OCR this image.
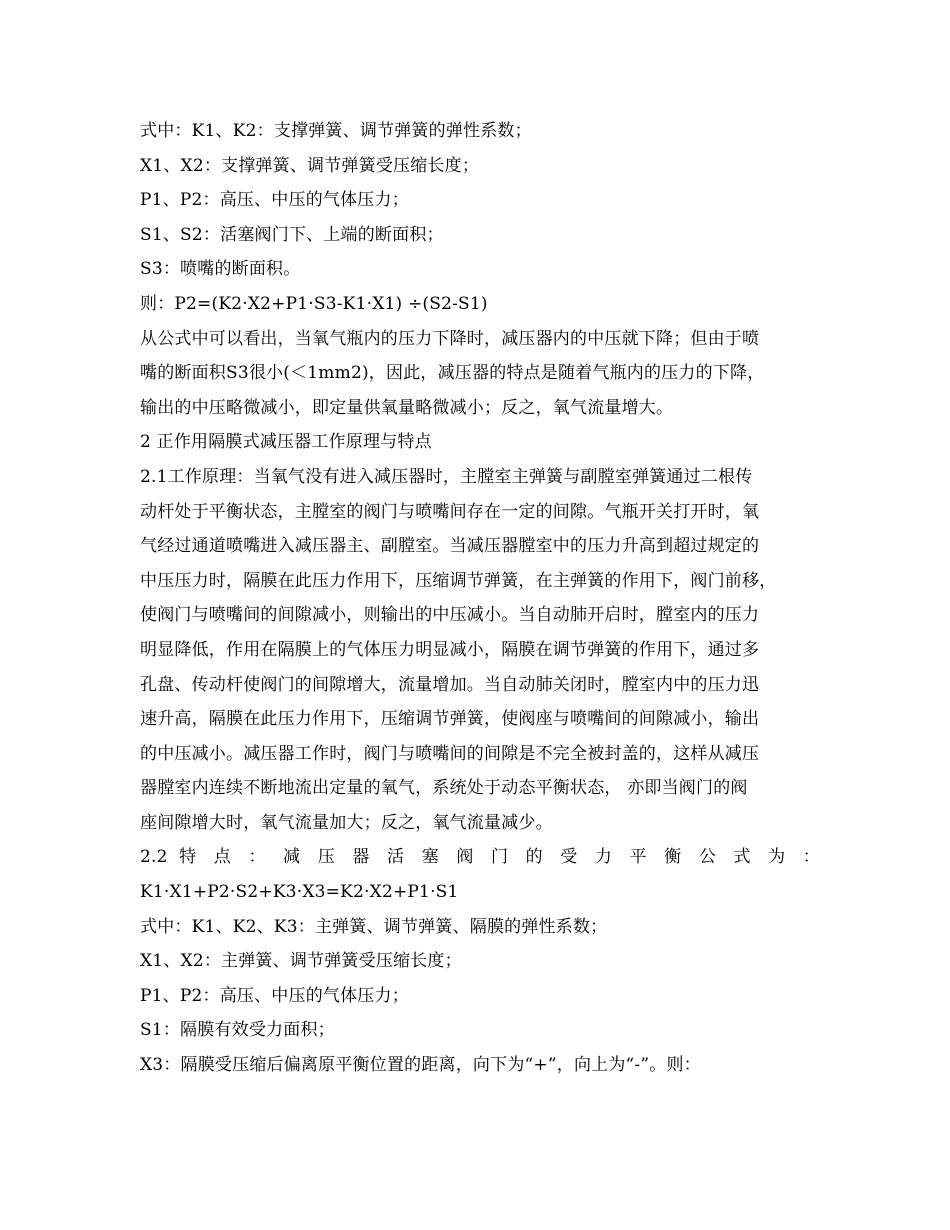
式中：K1、K2：支撑弹簧、调节弹簧的弹性系数；
X1、X2：支撑弹簧、调节弹簧受压缩长度；
P1、P2：高压、中压的气体压力；
S1、S2：活塞阀门下、上端的断面积；
S3：喷嘴的断面积。
则：P2=(K2·X2+P1·S3-K1·X1) ÷(S2-S1)
从公式中可以看出，当氧气瓶内的压力下降时，减压器内的中压就下降；但由于喷
嘴的断面积S3很小(＜1mm2)，因此，减压器的特点是随着气瓶内的压力的下降，
输出的中压略微减小，即定量供氧量略微减小；反之，氧气流量增大。
2 正作用隔膜式减压器工作原理与特点
2.1工作原理：当氧气没有进入减压器时，主膛室主弹簧与副膛室弹簧通过二根传
动杆处于平衡状态，主膛室的阀门与喷嘴间存在一定的间隙。气瓶开关打开时，氧
气经过通道喷嘴进入减压器主、副膛室。当减压器膛室中的压力升高到超过规定的
中压压力时，隔膜在此压力作用下，压缩调节弹簧，在主弹簧的作用下，阀门前移，
使阀门与喷嘴间的间隙减小，则输出的中压减小。当自动肺开启时，膛室内的压力
明显降低，作用在隔膜上的气体压力明显减小，隔膜在调节弹簧的作用下，通过多
孔盘、传动杆使阀门的间隙增大，流量增加。当自动肺关闭时，膛室内中的压力迅
速升高，隔膜在此压力作用下，压缩调节弹簧，使阀座与喷嘴间的间隙减小，输出
的中压减小。减压器工作时，阀门与喷嘴间的间隙是不完全被封盖的，这样从减压
器膛室内连续不断地流出定量的氧气，系统处于动态平衡状态， 亦即当阀门的阀
座间隙增大时，氧气流量加大；反之，氧气流量减少。
2.2 特 点 ： 减 压 器 活 塞 阀 门 的 受 力 平 衡 公 式 为 ：
K1·X1+P2·S2+K3·X3=K2·X2+P1·S1
式中：K1、K2、K3：主弹簧、调节弹簧、隔膜的弹性系数；
X1、X2：主弹簧、调节弹簧受压缩长度；
P1、P2：高压、中压的气体压力；
S1：隔膜有效受力面积；
X3：隔膜受压缩后偏离原平衡位置的距离，向下为“+”，向上为“-”。则：
